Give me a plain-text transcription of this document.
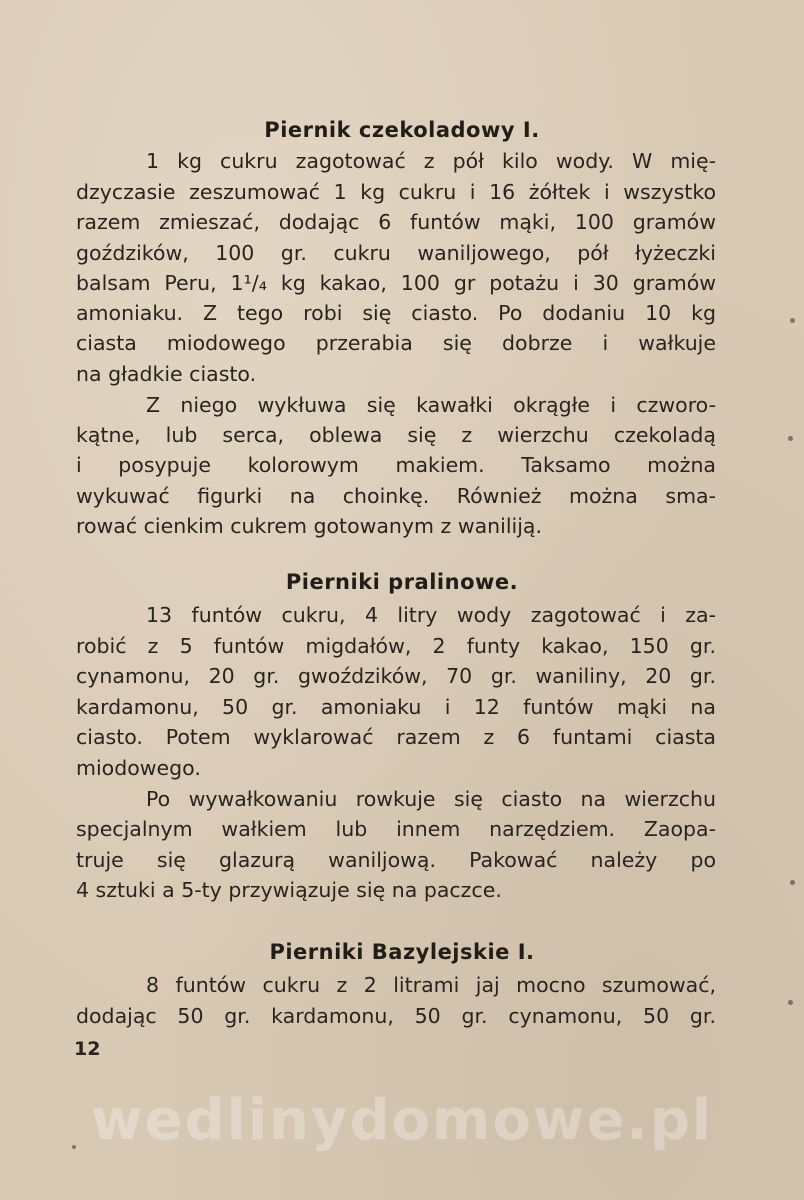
Piernik czekoladowy I.
1 kg cukru zagotować z pół kilo wody. W mię-
dzyczasie zeszumować 1 kg cukru i 16 żółtek i wszystko
razem zmieszać, dodając 6 funtów mąki, 100 gramów
goździków, 100 gr. cukru waniljowego, pół łyżeczki
balsam Peru, 1¹/₄ kg kakao, 100 gr potażu i 30 gramów
amoniaku. Z tego robi się ciasto. Po dodaniu 10 kg
ciasta miodowego przerabia się dobrze i wałkuje
na gładkie ciasto.
Z niego wykłuwa się kawałki okrągłe i czworo-
kątne, lub serca, oblewa się z wierzchu czekoladą
i posypuje kolorowym makiem. Taksamo można
wykuwać figurki na choinkę. Również można sma-
rować cienkim cukrem gotowanym z waniliją.
Pierniki pralinowe.
13 funtów cukru, 4 litry wody zagotować i za-
robić z 5 funtów migdałów, 2 funty kakao, 150 gr.
cynamonu, 20 gr. gwoździków, 70 gr. waniliny, 20 gr.
kardamonu, 50 gr. amoniaku i 12 funtów mąki na
ciasto. Potem wyklarować razem z 6 funtami ciasta
miodowego.
Po wywałkowaniu rowkuje się ciasto na wierzchu
specjalnym wałkiem lub innem narzędziem. Zaopa-
truje się glazurą waniljową. Pakować należy po
4 sztuki a 5-ty przywiązuje się na paczce.
Pierniki Bazylejskie I.
8 funtów cukru z 2 litrami jaj mocno szumować,
dodając 50 gr. kardamonu, 50 gr. cynamonu, 50 gr.
12
wedlinydomowe.pl
